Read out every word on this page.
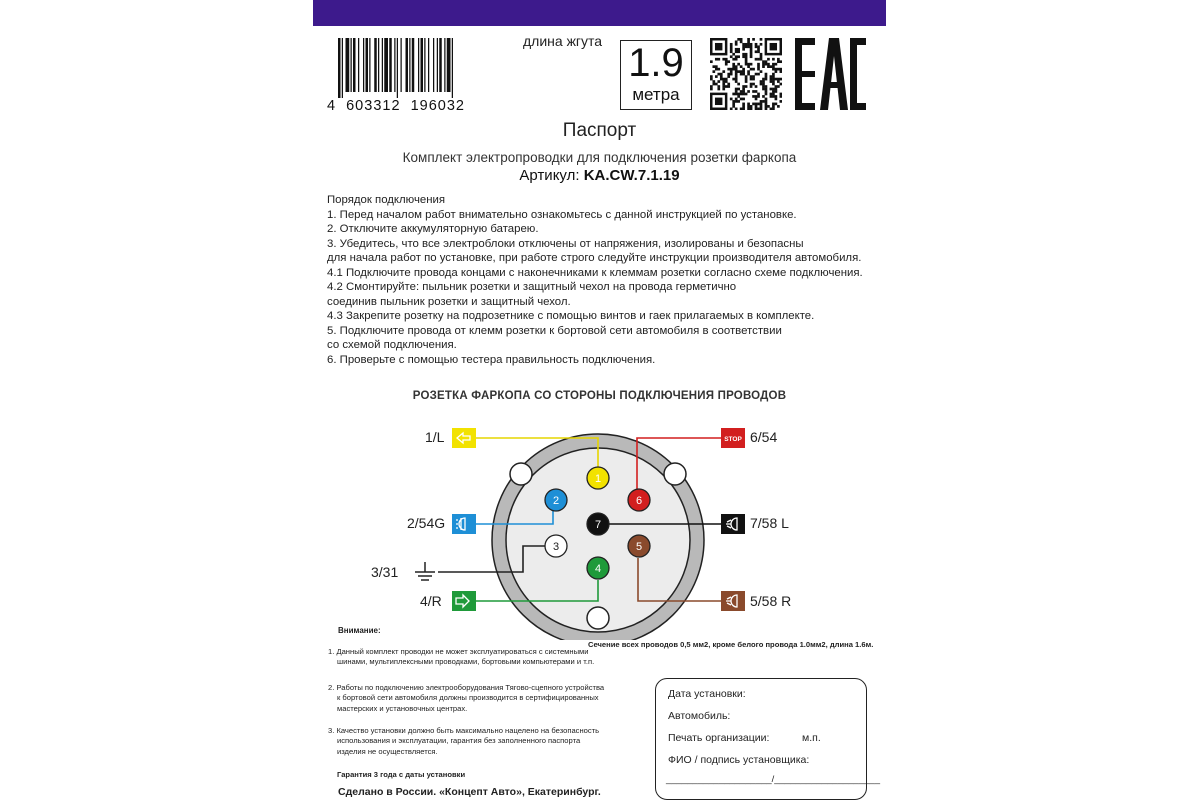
4  603312  196032
длина жгута 1.9
метра
EAC
Паспорт
Комплект электропроводки для подключения розетки фаркопа
Артикул: KA.CW.7.1.19
Порядок подключения
1. Перед началом работ внимательно ознакомьтесь с данной инструкцией по установке.
2. Отключите аккумуляторную батарею.
3. Убедитесь, что все электроблоки отключены от напряжения, изолированы и безопасны
для начала работ по установке, при работе строго следуйте инструкции производителя автомобиля.
4.1 Подключите провода концами с наконечниками к клеммам розетки согласно схеме подключения.
4.2 Смонтируйте: пыльник розетки и защитный чехол на провода герметично
соединив пыльник розетки и защитный чехол.
4.3 Закрепите розетку на подрозетнике с помощью винтов и гаек прилагаемых в комплекте.
5. Подключите провода от клемм розетки к бортовой сети автомобиля в соответствии
со схемой подключения.
6. Проверьте с помощью тестера правильность подключения.
РОЗЕТКА ФАРКОПА СО СТОРОНЫ ПОДКЛЮЧЕНИЯ ПРОВОДОВ
1
2
3
4
5
6
7
STOP
1/L
2/54G
3/31
4/R
6/54
7/58 L
5/58 R
Внимание:
Сечение всех проводов 0,5 мм2, кроме белого провода 1.0мм2, длина 1.6м.
1. Данный комплект проводки не может эксплуатироваться с системными
шинами, мультиплексными проводками, бортовыми компьютерами и т.п.
2. Работы по подключению электрооборудования Тягово-сцепного устройства
к бортовой сети автомобиля должны производится в сертифицированных
мастерских и установочных центрах.
3. Качество установки должно быть максимально нацелено на безопасность
использования и эксплуатации, гарантия без заполненного паспорта
изделия не осуществляется.
Гарантия 3 года с даты установки
Сделано в России. «Концепт Авто», Екатеринбург.
Дата установки:
Автомобиль:
Печать организации:	м.п.
ФИО / подпись установщика:
____________________/____________________
